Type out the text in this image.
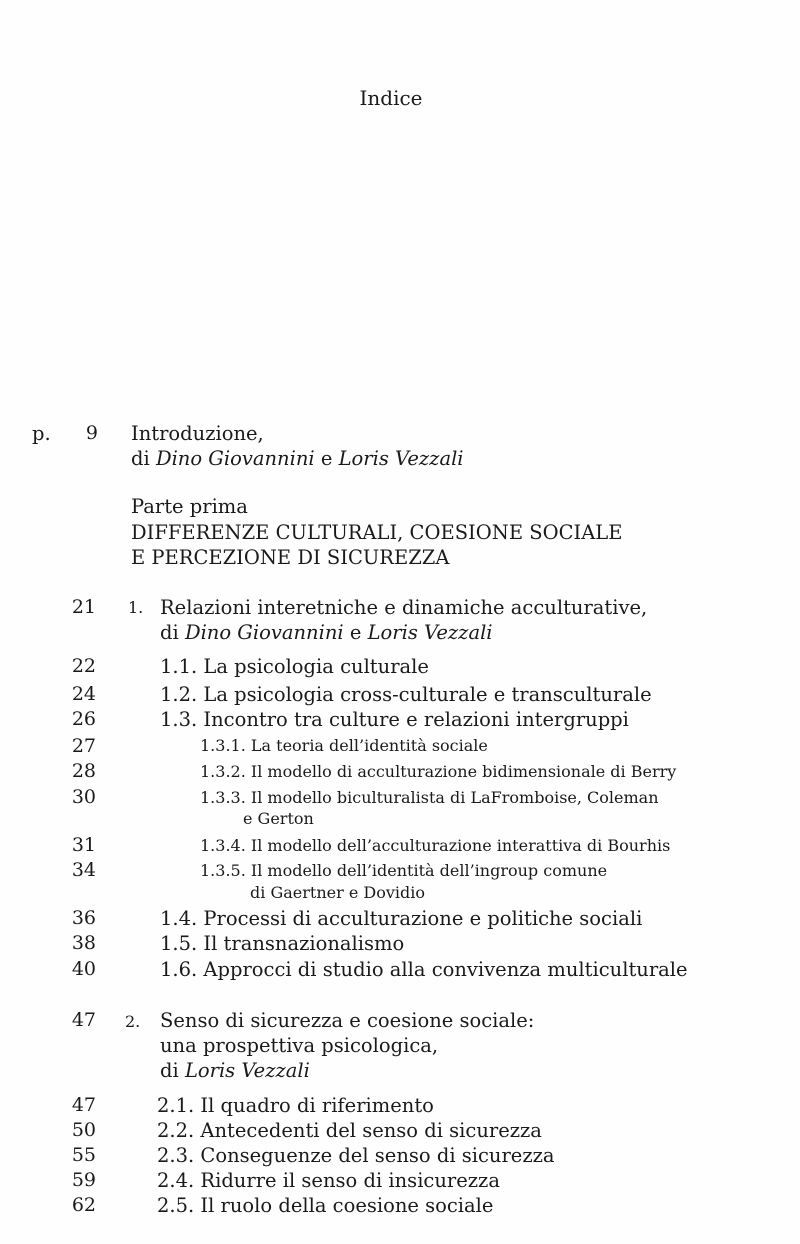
Indice
p.	9 Introduzione,
di Dino Giovannini e Loris Vezzali
Parte prima
DIFFERENZE CULTURALI, COESIONE SOCIALE
E PERCEZIONE DI SICUREZZA
21 1. Relazioni interetniche e dinamiche acculturative,
di Dino Giovannini e Loris Vezzali
22	1.1. La psicologia culturale
24	1.2. La psicologia cross-culturale e transculturale
26	1.3. Incontro tra culture e relazioni intergruppi
27	1.3.1. La teoria dell’identità sociale
28	1.3.2. Il modello di acculturazione bidimensionale di Berry
30	1.3.3. Il modello biculturalista di LaFromboise, Coleman
e Gerton
31	1.3.4. Il modello dell’acculturazione interattiva di Bourhis
34	1.3.5. Il modello dell’identità dell’ingroup comune
di Gaertner e Dovidio
36	1.4. Processi di acculturazione e politiche sociali
38	1.5. Il transnazionalismo
40	1.6. Approcci di studio alla convivenza multiculturale
47 2. Senso di sicurezza e coesione sociale:
una prospettiva psicologica,
di Loris Vezzali
47	2.1. Il quadro di riferimento
50	2.2. Antecedenti del senso di sicurezza
55	2.3. Conseguenze del senso di sicurezza
59	2.4. Ridurre il senso di insicurezza
62	2.5. Il ruolo della coesione sociale
